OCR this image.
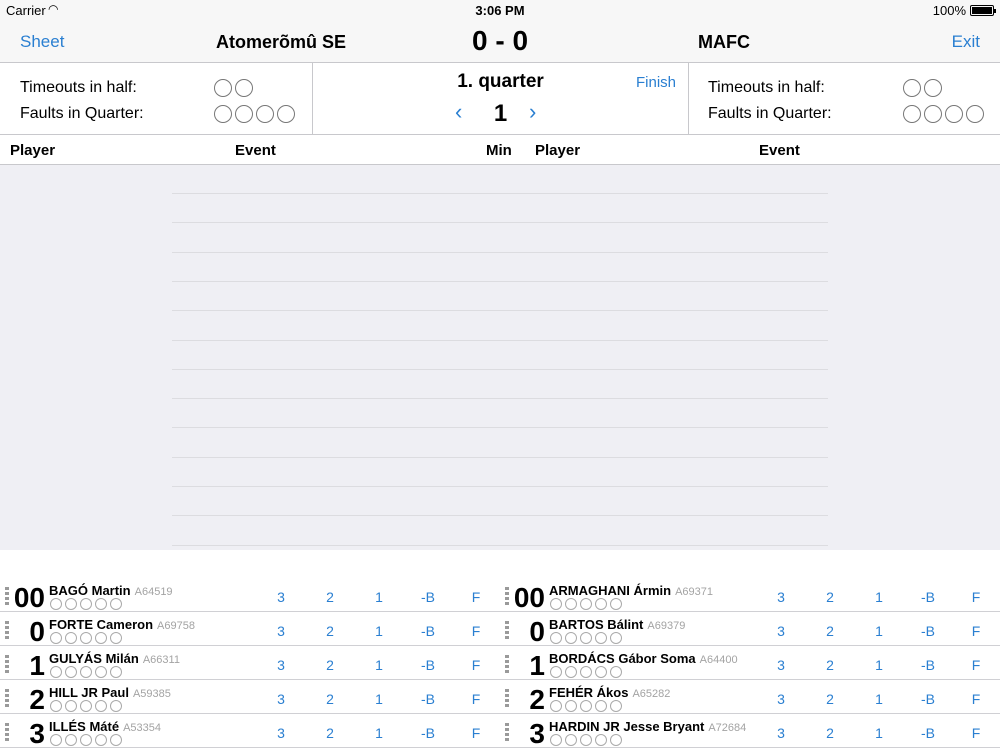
Carrier ◠	3:06 PM	100%
Sheet	Atomerõmû SE	0 - 0	MAFC	Exit
Timeouts in half:
Faults in Quarter:
1. quarter	Finish
‹	1 ›
Timeouts in half:
Faults in Quarter:
Player	Event	Min Player	Event
00 BAGÓ Martin A64519	3	2	1	-B	F
0 FORTE Cameron A69758	3	2	1	-B	F
1 GULYÁS Milán A66311	3	2	1	-B	F
2 HILL JR Paul A59385	3	2	1	-B	F
3 ILLÉS Máté A53354	3	2	1	-B	F
00 ARMAGHANI Ármin A69371	3	2	1	-B	F
0 BARTOS Bálint A69379	3	2	1	-B	F
1 BORDÁCS Gábor Soma A64400	3	2	1	-B	F
2 FEHÉR Ákos A65282	3	2	1	-B	F
3 HARDIN JR Jesse Bryant A72684	3	2	1	-B	F
